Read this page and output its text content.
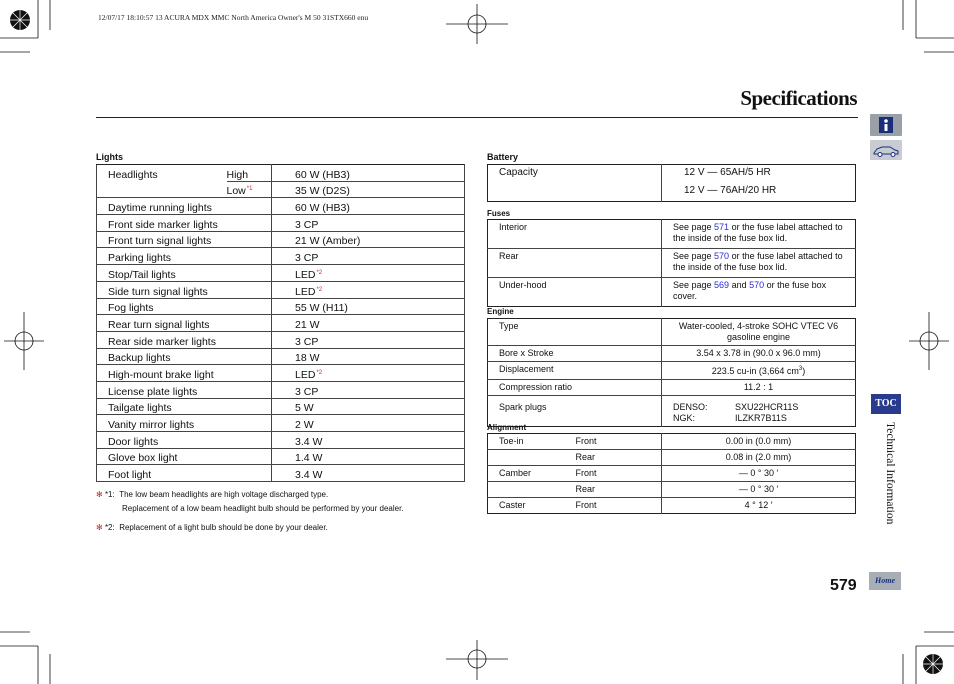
12/07/17 18:10:57 13 ACURA MDX MMC North America Owner's M 50 31STX660 enu
Specifications
Lights
Headlights	High	60 W (HB3)
	Low$^{*1}$	35 W (D2S)
Daytime running lights		60 W (HB3)
Front side marker lights		3 CP
Front turn signal lights		21 W (Amber)
Parking lights		3 CP
Stop/Tail lights		LED$^{*2}$
Side turn signal lights		LED$^{*2}$
Fog lights		55 W (H11)
Rear turn signal lights		21 W
Rear side marker lights		3 CP
Backup lights		18 W
High-mount brake light		LED$^{*2}$
License plate lights		3 CP
Tailgate lights		5 W
Vanity mirror lights		2 W
Door lights		3.4 W
Glove box light		1.4 W
Foot light		3.4 W
✻ *1: The low beam headlights are high voltage discharged type.
Replacement of a low beam headlight bulb should be performed by your dealer.
✻ *2: Replacement of a light bulb should be done by your dealer.
Battery
Capacity	12 V — 65AH/5 HR
12 V — 76AH/20 HR
Fuses
Interior	See page 571 or the fuse label attached to the inside of the fuse box lid.
Rear	See page 570 or the fuse label attached to the inside of the fuse box lid.
Under-hood	See page 569 and 570 or the fuse box cover.
Engine
Type	Water-cooled, 4-stroke SOHC VTEC V6 gasoline engine
Bore x Stroke	3.54 x 3.78 in (90.0 x 96.0 mm)
Displacement	223.5 cu-in (3,664 $cm^3$)
Compression ratio	11.2 : 1
Spark plugs	DENSO: SXU22HCR11S
NGK: ILZKR7B11S
Alignment
Toe-in	Front	0.00 in (0.0 mm)
	Rear	0.08 in (2.0 mm)
Camber	Front	— 0 ° 30 ′
	Rear	— 0 ° 30 ′
Caster	Front	4 ° 12 ′
TOC
Technical Information
579	Home
